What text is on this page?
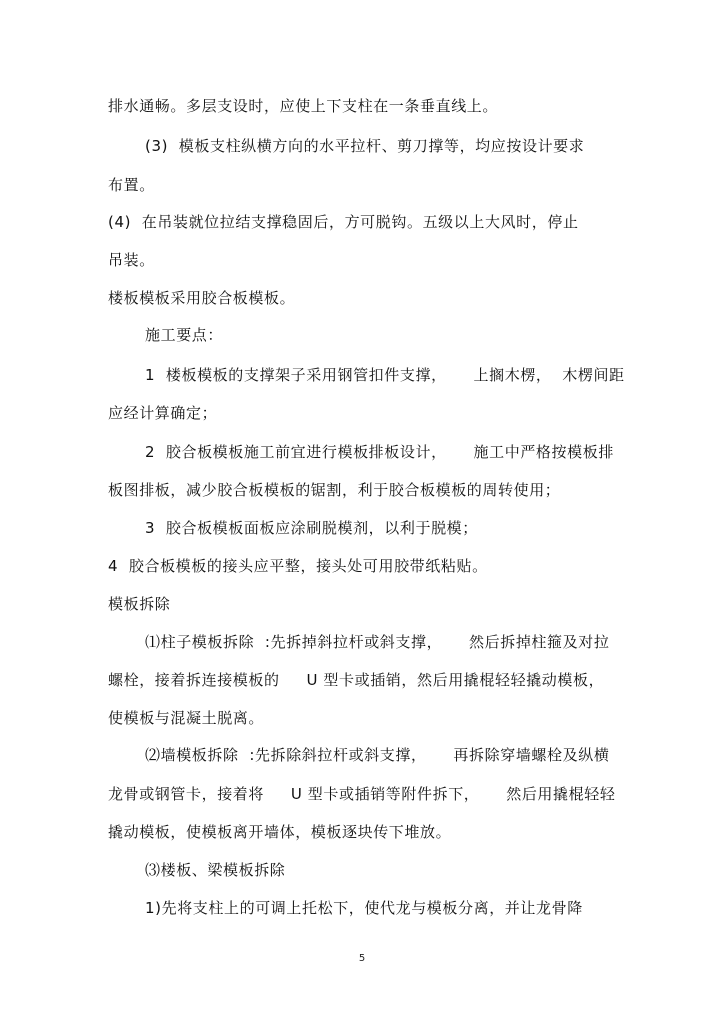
排水通畅。多层支设时，应使上下支柱在一条垂直线上。
(3)  模板支柱纵横方向的水平拉杆、剪刀撑等，均应按设计要求
布置。
(4)  在吊装就位拉结支撑稳固后，方可脱钩。五级以上大风时，停止
吊装。
楼板模板采用胶合板模板。
施工要点：
1  楼板模板的支撑架子采用钢管扣件支撑，     上搁木楞，  木楞间距
应经计算确定；
2  胶合板模板施工前宜进行模板排板设计，     施工中严格按模板排
板图排板，减少胶合板模板的锯割，利于胶合板模板的周转使用；
3  胶合板模板面板应涂刷脱模剂，以利于脱模；
4  胶合板模板的接头应平整，接头处可用胶带纸粘贴。
模板拆除
⑴柱子模板拆除  :先拆掉斜拉杆或斜支撑，     然后拆掉柱箍及对拉
螺栓，接着拆连接模板的     U 型卡或插销，然后用撬棍轻轻撬动模板，
使模板与混凝土脱离。
⑵墙模板拆除  :先拆除斜拉杆或斜支撑，     再拆除穿墙螺栓及纵横
龙骨或钢管卡，接着将     U 型卡或插销等附件拆下，     然后用撬棍轻轻
撬动模板，使模板离开墙体，模板逐块传下堆放。
⑶楼板、梁模板拆除
1)先将支柱上的可调上托松下，使代龙与模板分离，并让龙骨降
5
